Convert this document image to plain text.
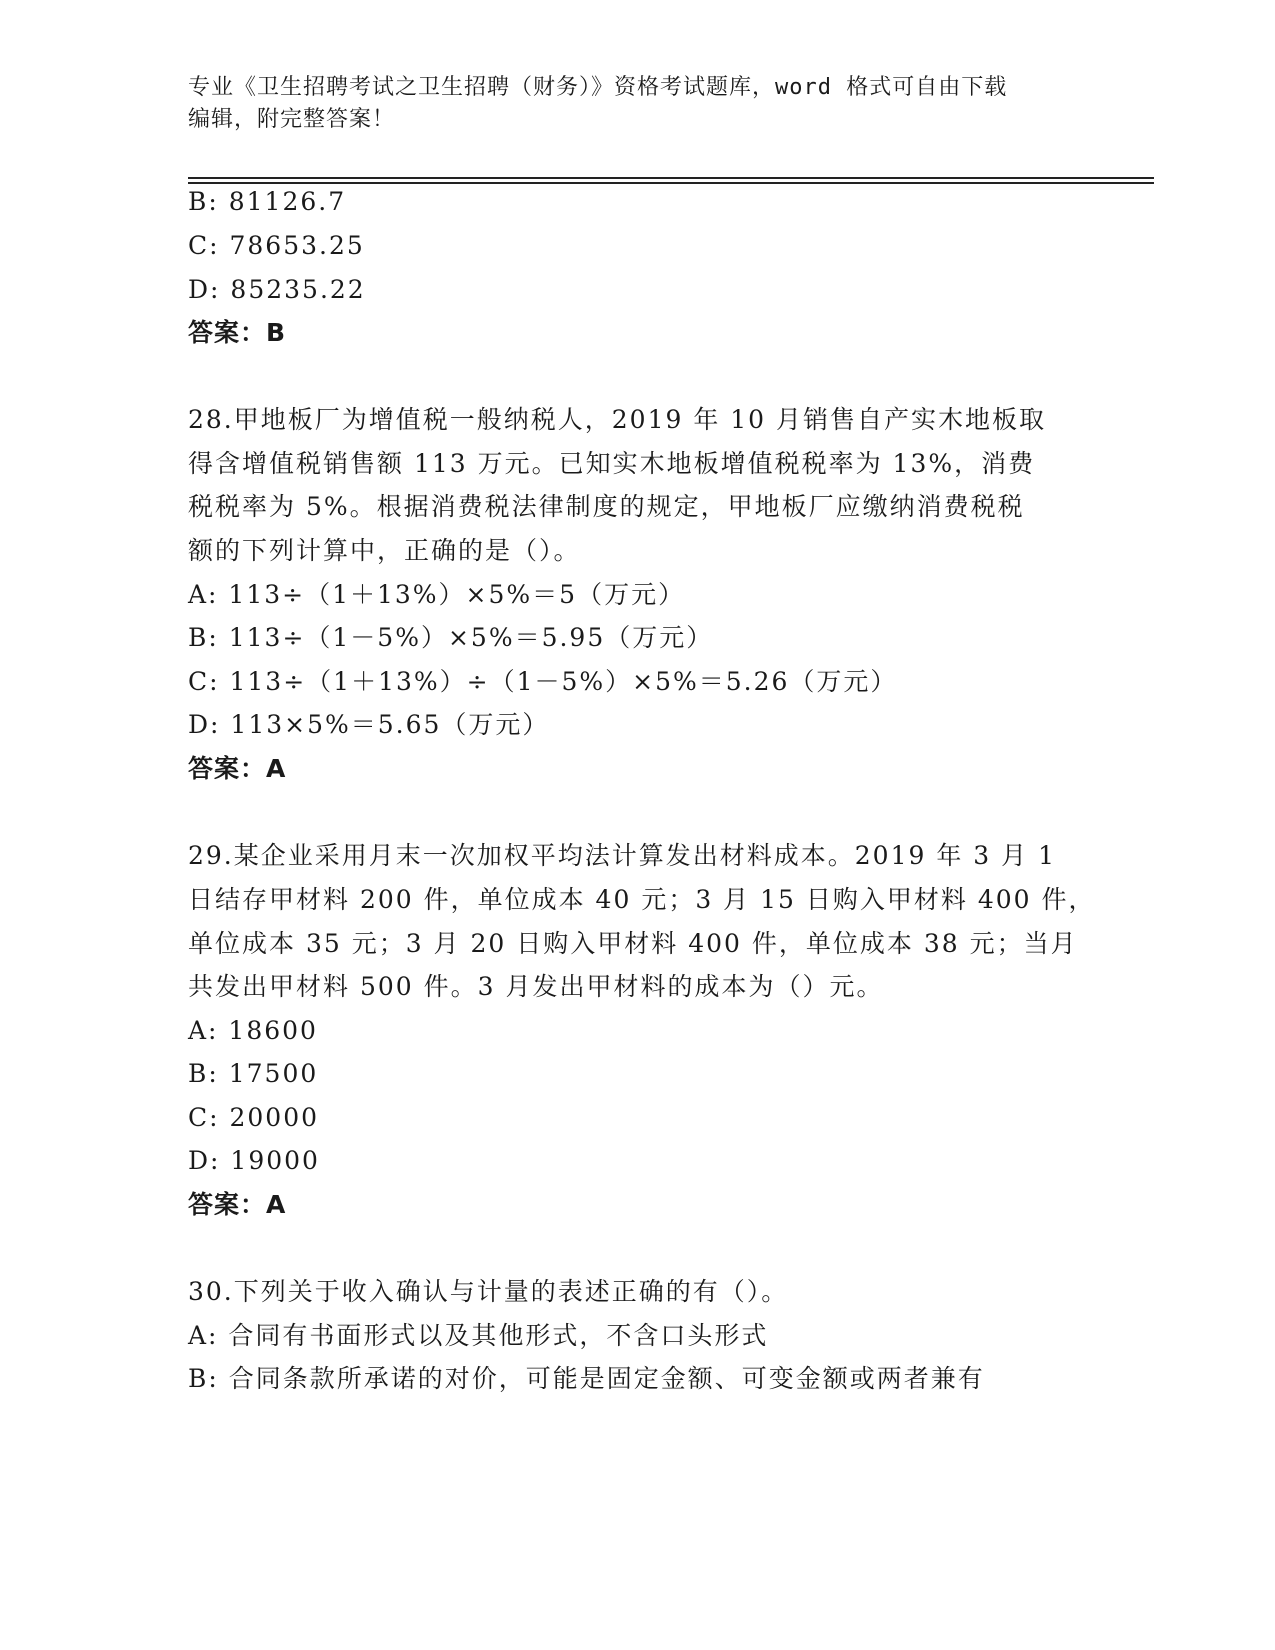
专业《卫生招聘考试之卫生招聘（财务）》资格考试题库，word 格式可自由下载
编辑，附完整答案！
B: 81126.7
C: 78653.25
D: 85235.22
答案：B
28.甲地板厂为增值税一般纳税人，2019 年 10 月销售自产实木地板取
得含增值税销售额 113 万元。已知实木地板增值税税率为 13%，消费
税税率为 5%。根据消费税法律制度的规定，甲地板厂应缴纳消费税税
额的下列计算中，正确的是（）。
A: 113÷（1＋13%）×5%＝5（万元）
B: 113÷（1－5%）×5%＝5.95（万元）
C: 113÷（1＋13%）÷（1－5%）×5%＝5.26（万元）
D: 113×5%＝5.65（万元）
答案：A
29.某企业采用月末一次加权平均法计算发出材料成本。2019 年 3 月 1
日结存甲材料 200 件，单位成本 40 元；3 月 15 日购入甲材料 400 件，
单位成本 35 元；3 月 20 日购入甲材料 400 件，单位成本 38 元；当月
共发出甲材料 500 件。3 月发出甲材料的成本为（）元。
A: 18600
B: 17500
C: 20000
D: 19000
答案：A
30.下列关于收入确认与计量的表述正确的有（）。
A: 合同有书面形式以及其他形式，不含口头形式
B: 合同条款所承诺的对价，可能是固定金额、可变金额或两者兼有
